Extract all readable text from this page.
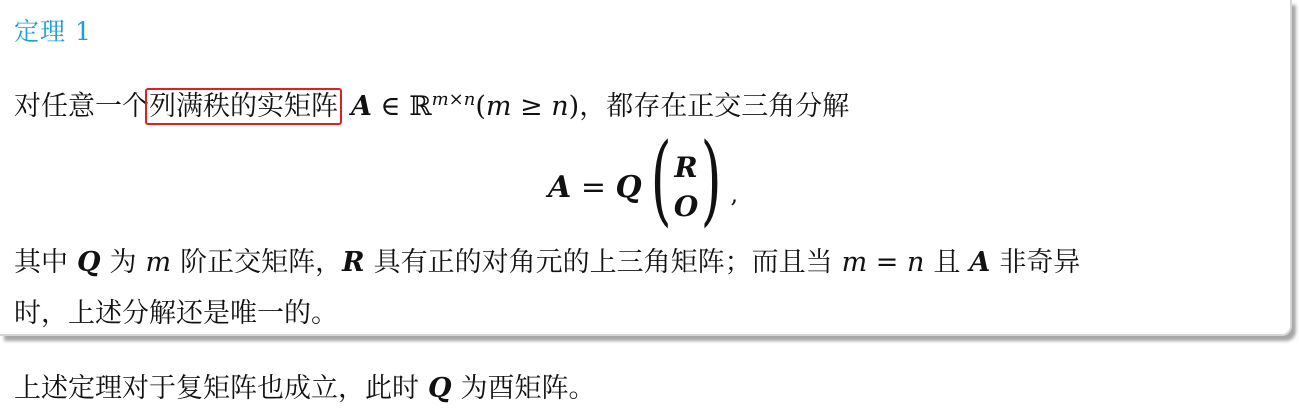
定理 1
对任意一个列满秩的实矩阵 A ∈ ℝ$^{m\times n}$(m ≥ n)，都存在正交三角分解
A = Q ( R
O ) ,
其中 Q 为 m 阶正交矩阵，R 具有正的对角元的上三角矩阵；而且当 m = n 且 A 非奇异
时，上述分解还是唯一的。
上述定理对于复矩阵也成立，此时 Q 为酉矩阵。
